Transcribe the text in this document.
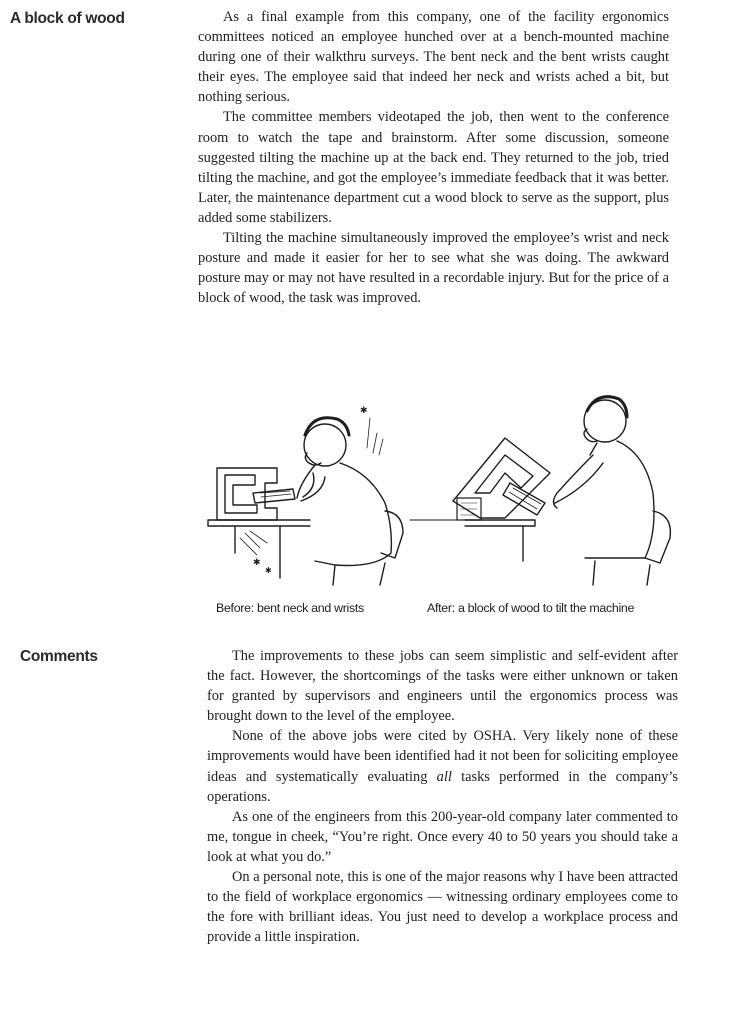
A block of wood	As a final example from this company, one of the facility ergonomics committees noticed an employee hunched over at a bench-mounted machine during one of their walkthru surveys. The bent neck and the bent wrists caught their eyes. The employee said that indeed her neck and wrists ached a bit, but nothing serious.

The committee members videotaped the job, then went to the conference room to watch the tape and brainstorm. After some discussion, someone suggested tilting the machine up at the back end. They returned to the job, tried tilting the machine, and got the employee’s immediate feedback that it was better. Later, the maintenance department cut a wood block to serve as the support, plus added some stabilizers.

Tilting the machine simultaneously improved the employee’s wrist and neck posture and made it easier for her to see what she was doing. The awkward posture may or may not have resulted in a recordable injury. But for the price of a block of wood, the task was improved.

✱
✱
✱
Before: bent neck and wrists	After: a block of wood to tilt the machine
Comments	The improvements to these jobs can seem simplistic and self-evident after the fact. However, the shortcomings of the tasks were either unknown or taken for granted by supervisors and engineers until the ergonomics process was brought down to the level of the employee.

None of the above jobs were cited by OSHA. Very likely none of these improvements would have been identified had it not been for soliciting employee ideas and systematically evaluating all tasks performed in the company’s operations.

As one of the engineers from this 200-year-old company later commented to me, tongue in cheek, “You’re right. Once every 40 to 50 years you should take a look at what you do.”

On a personal note, this is one of the major reasons why I have been attracted to the field of workplace ergonomics — witnessing ordinary employees come to the fore with brilliant ideas. You just need to develop a workplace process and provide a little inspiration.
